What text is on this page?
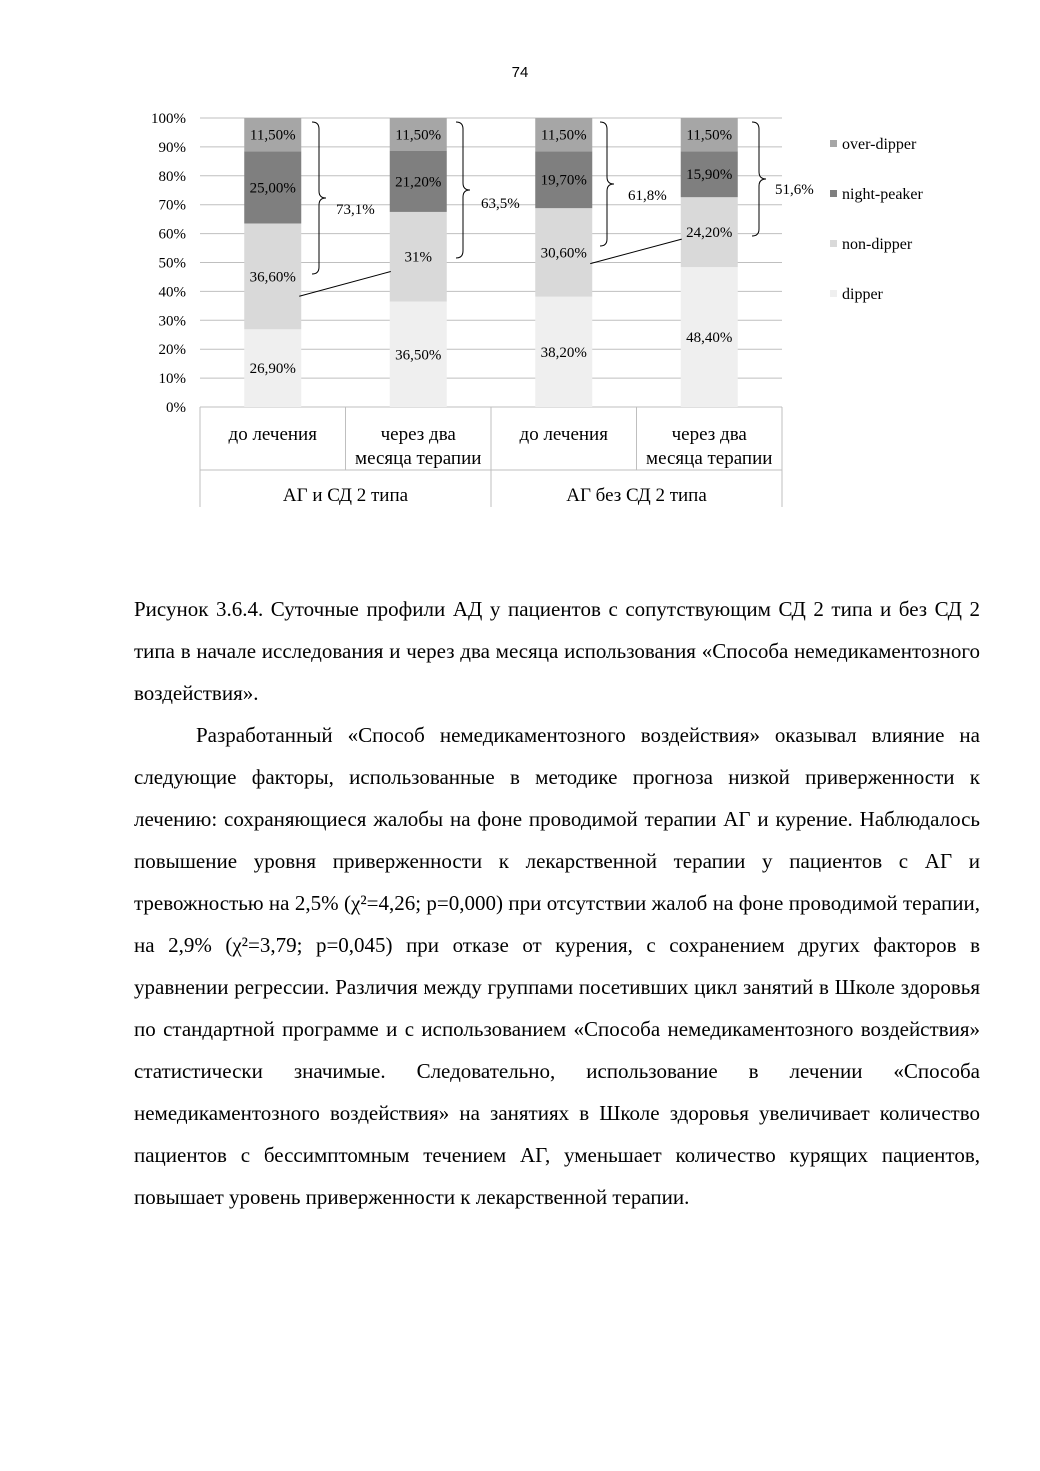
74
0%
10%
20%
30%
40%
50%
60%
70%
80%
90%
100%
26,90%
36,60%
25,00%
11,50%
36,50%
31%
21,20%
11,50%
38,20%
30,60%
19,70%
11,50%
48,40%
24,20%
15,90%
11,50%
73,1%	63,5%	61,8%	51,6%
до лечения	через два
месяца терапии
до лечения	через два
месяца терапии
АГ и СД 2 типа	АГ без СД 2 типа
over-dipper
night-peaker
non-dipper
dipper

Рисунок 3.6.4. Суточные профили АД у пациентов с сопутствующим СД 2 типа и без СД 2 типа в начале исследования и через два месяца использования «Способа немедикаментозного воздействия».

Разработанный «Способ немедикаментозного воздействия» оказывал влияние на следующие факторы, использованные в методике прогноза низкой приверженности к лечению: сохраняющиеся жалобы на фоне проводимой терапии АГ и курение. Наблюдалось повышение уровня приверженности к лекарственной терапии у пациентов с АГ и тревожностью на 2,5% (χ²=4,26; p=0,000) при отсутствии жалоб на фоне проводимой терапии, на 2,9% (χ²=3,79; p=0,045) при отказе от курения, с сохранением других факторов в уравнении регрессии. Различия между группами посетивших цикл занятий в Школе здоровья по стандартной программе и с использованием «Способа немедикаментозного воздействия» статистически значимые. Следовательно, использование в лечении «Способа немедикаментозного воздействия» на занятиях в Школе здоровья увеличивает количество пациентов с бессимптомным течением АГ, уменьшает количество курящих пациентов, повышает уровень приверженности к лекарственной терапии.
